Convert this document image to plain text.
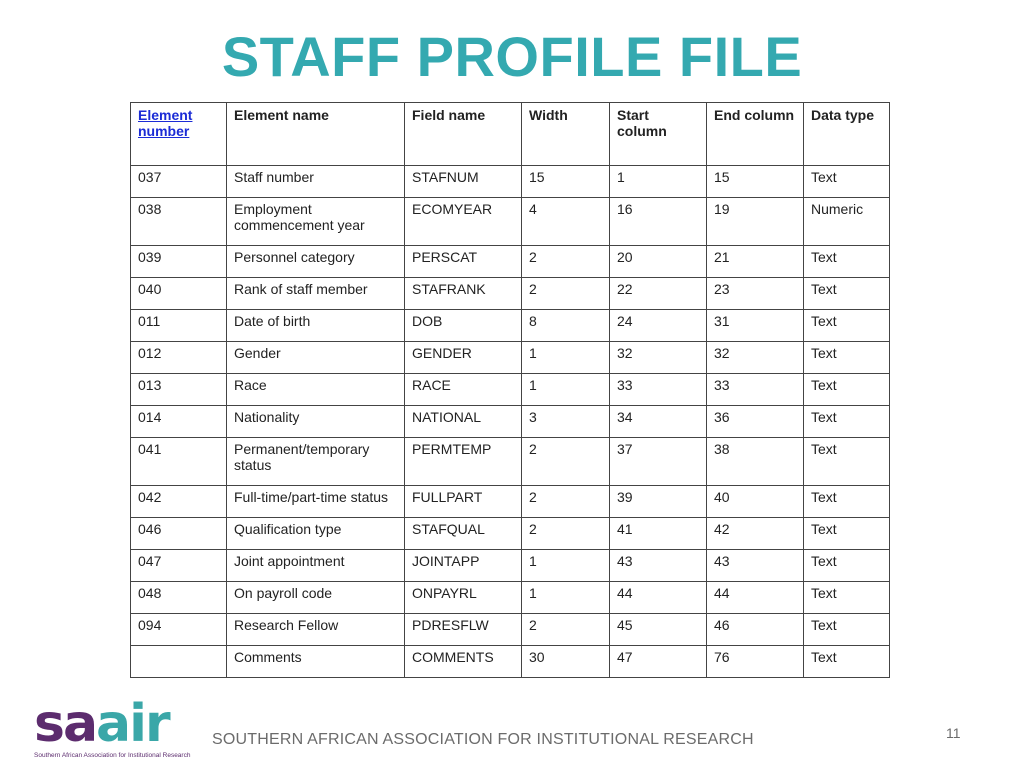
STAFF PROFILE FILE
Element number	Element name	Field name	Width	Start column	End column	Data type
037	Staff number	STAFNUM	15	1	15	Text
038	Employment commencement year	ECOMYEAR	4	16	19	Numeric
039	Personnel category	PERSCAT	2	20	21	Text
040	Rank of staff member	STAFRANK	2	22	23	Text
011	Date of birth	DOB	8	24	31	Text
012	Gender	GENDER	1	32	32	Text
013	Race	RACE	1	33	33	Text
014	Nationality	NATIONAL	3	34	36	Text
041	Permanent/temporary status	PERMTEMP	2	37	38	Text
042	Full-time/part-time status	FULLPART	2	39	40	Text
046	Qualification type	STAFQUAL	2	41	42	Text
047	Joint appointment	JOINTAPP	1	43	43	Text
048	On payroll code	ONPAYRL	1	44	44	Text
094	Research Fellow	PDRESFLW	2	45	46	Text
	Comments	COMMENTS	30	47	76	Text
saair
Southern African Association for Institutional Research
SOUTHERN AFRICAN ASSOCIATION FOR INSTITUTIONAL RESEARCH	11
